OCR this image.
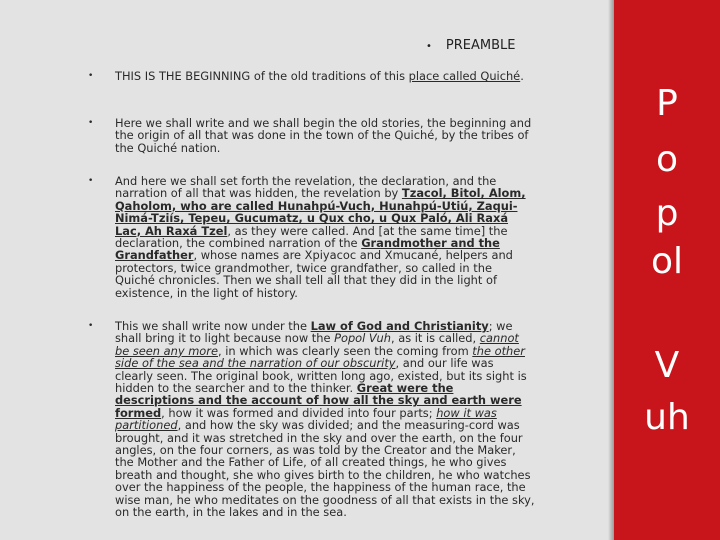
• PREAMBLE
• THIS IS THE BEGINNING of the old traditions of this place called Quiché.
• Here we shall write and we shall begin the old stories, the beginning and the origin of all that was done in the town of the Quiché, by the tribes of the Quiché nation.
• And here we shall set forth the revelation, the declaration, and the narration of all that was hidden, the revelation by Tzacol, Bitol, Alom, Qaholom, who are called Hunahpú-Vuch, Hunahpú-Utiú, Zaqui-Nimá-Tziís, Tepeu, Gucumatz, u Qux cho, u Qux Paló, Ali Raxá Lac, Ah Raxá Tzel, as they were called. And [at the same time] the declaration, the combined narration of the Grandmother and the Grandfather, whose names are Xpiyacoc and Xmucané, helpers and protectors, twice grandmother, twice grandfather, so called in the Quiché chronicles. Then we shall tell all that they did in the light of existence, in the light of history.
• This we shall write now under the Law of God and Christianity; we shall bring it to light because now the Popol Vuh, as it is called, cannot be seen any more, in which was clearly seen the coming from the other side of the sea and the narration of our obscurity, and our life was clearly seen. The original book, written long ago, existed, but its sight is hidden to the searcher and to the thinker. Great were the descriptions and the account of how all the sky and earth were formed, how it was formed and divided into four parts; how it was partitioned, and how the sky was divided; and the measuring-cord was brought, and it was stretched in the sky and over the earth, on the four angles, on the four corners, as was told by the Creator and the Maker, the Mother and the Father of Life, of all created things, he who gives breath and thought, she who gives birth to the children, he who watches over the happiness of the people, the happiness of the human race, the wise man, he who meditates on the goodness of all that exists in the sky, on the earth, in the lakes and in the sea.
P
o
p
ol
V
uh
